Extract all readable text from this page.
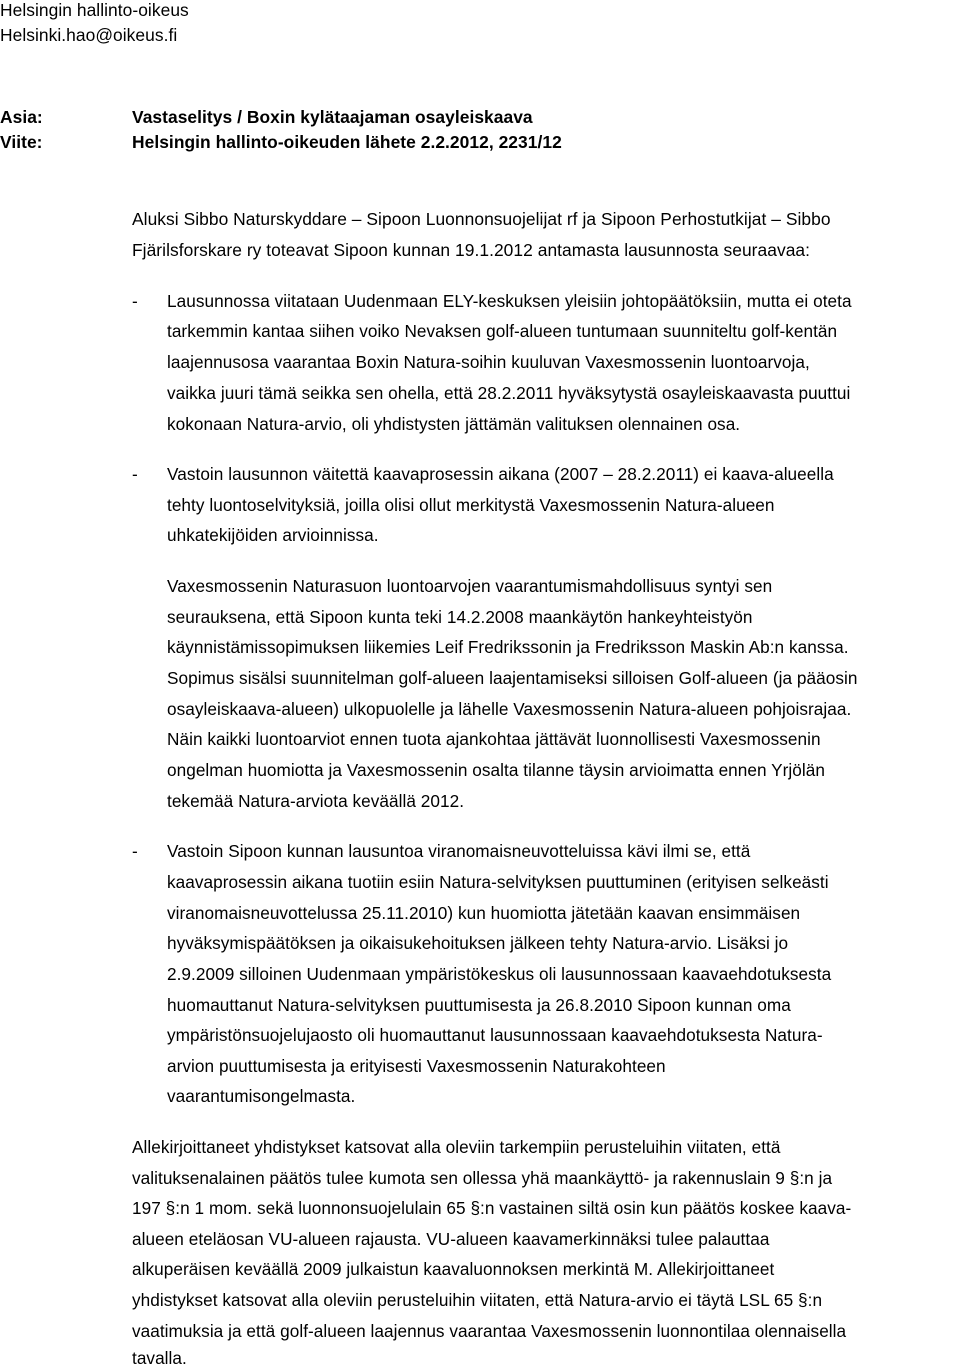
Helsingin hallinto-oikeus
Helsinki.hao@oikeus.fi
Asia:	Vastaselitys / Boxin kylätaajaman osayleiskaava
Viite:	Helsingin hallinto-oikeuden lähete 2.2.2012, 2231/12
Aluksi Sibbo Naturskyddare – Sipoon Luonnonsuojelijat rf ja Sipoon Perhostutkijat – Sibbo
Fjärilsforskare ry toteavat Sipoon kunnan 19.1.2012 antamasta lausunnosta seuraavaa:
- Lausunnossa viitataan Uudenmaan ELY-keskuksen yleisiin johtopäätöksiin, mutta ei oteta
tarkemmin kantaa siihen voiko Nevaksen golf-alueen tuntumaan suunniteltu golf-kentän
laajennusosa vaarantaa Boxin Natura-soihin kuuluvan Vaxesmossenin luontoarvoja,
vaikka juuri tämä seikka sen ohella, että 28.2.2011 hyväksytystä osayleiskaavasta puuttui
kokonaan Natura-arvio, oli yhdistysten jättämän valituksen olennainen osa.
- Vastoin lausunnon väitettä kaavaprosessin aikana (2007 – 28.2.2011) ei kaava-alueella
tehty luontoselvityksiä, joilla olisi ollut merkitystä Vaxesmossenin Natura-alueen
uhkatekijöiden arvioinnissa.
Vaxesmossenin Naturasuon luontoarvojen vaarantumismahdollisuus syntyi sen
seurauksena, että Sipoon kunta teki 14.2.2008 maankäytön hankeyhteistyön
käynnistämissopimuksen liikemies Leif Fredrikssonin ja Fredriksson Maskin Ab:n kanssa.
Sopimus sisälsi suunnitelman golf-alueen laajentamiseksi silloisen Golf-alueen (ja pääosin
osayleiskaava-alueen) ulkopuolelle ja lähelle Vaxesmossenin Natura-alueen pohjoisrajaa.
Näin kaikki luontoarviot ennen tuota ajankohtaa jättävät luonnollisesti Vaxesmossenin
ongelman huomiotta ja Vaxesmossenin osalta tilanne täysin arvioimatta ennen Yrjölän
tekemää Natura-arviota keväällä 2012.
- Vastoin Sipoon kunnan lausuntoa viranomaisneuvotteluissa kävi ilmi se, että
kaavaprosessin aikana tuotiin esiin Natura-selvityksen puuttuminen (erityisen selkeästi
viranomaisneuvottelussa 25.11.2010) kun huomiotta jätetään kaavan ensimmäisen
hyväksymispäätöksen ja oikaisukehoituksen jälkeen tehty Natura-arvio. Lisäksi jo
2.9.2009 silloinen Uudenmaan ympäristökeskus oli lausunnossaan kaavaehdotuksesta
huomauttanut Natura-selvityksen puuttumisesta ja 26.8.2010 Sipoon kunnan oma
ympäristönsuojelujaosto oli huomauttanut lausunnossaan kaavaehdotuksesta Natura-
arvion puuttumisesta ja erityisesti Vaxesmossenin Naturakohteen
vaarantumisongelmasta.
Allekirjoittaneet yhdistykset katsovat alla oleviin tarkempiin perusteluihin viitaten, että
valituksenalainen päätös tulee kumota sen ollessa yhä maankäyttö- ja rakennuslain 9 §:n ja
197 §:n 1 mom. sekä luonnonsuojelulain 65 §:n vastainen siltä osin kun päätös koskee kaava-
alueen eteläosan VU-alueen rajausta. VU-alueen kaavamerkinnäksi tulee palauttaa
alkuperäisen keväällä 2009 julkaistun kaavaluonnoksen merkintä M. Allekirjoittaneet
yhdistykset katsovat alla oleviin perusteluihin viitaten, että Natura-arvio ei täytä LSL 65 §:n
vaatimuksia ja että golf-alueen laajennus vaarantaa Vaxesmossenin luonnontilaa olennaisella
tavalla.
